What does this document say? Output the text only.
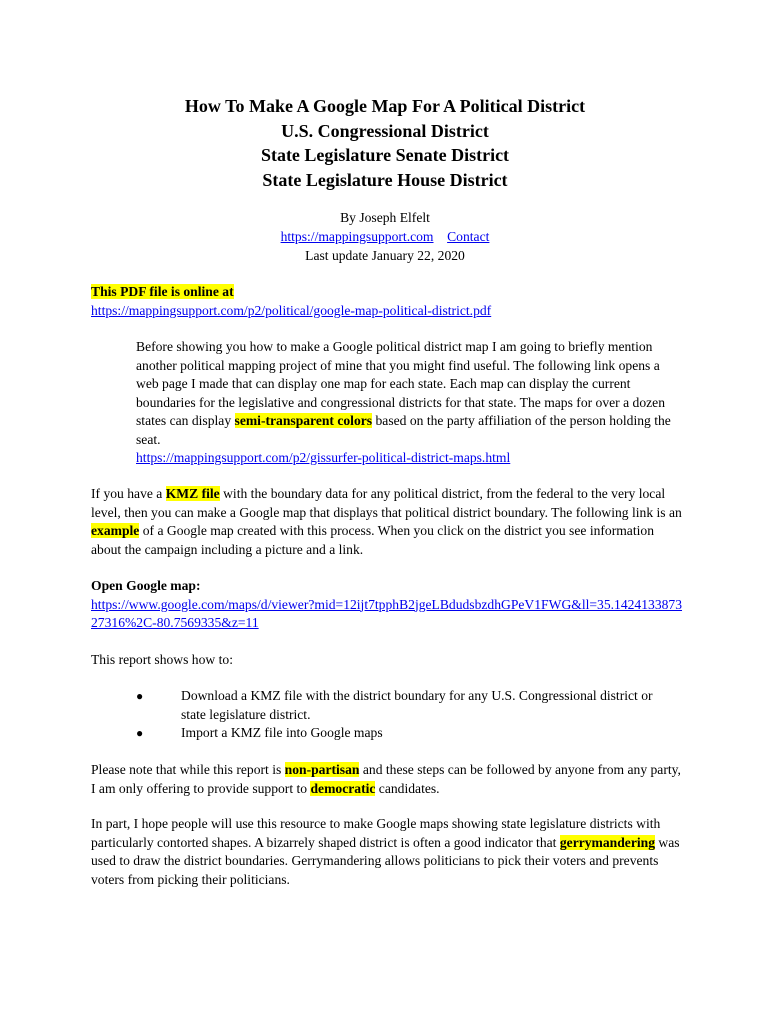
How To Make A Google Map For A Political District
U.S. Congressional District
State Legislature Senate District
State Legislature House District
By Joseph Elfelt
https://mappingsupport.com Contact
Last update January 22, 2020
This PDF file is online at
https://mappingsupport.com/p2/political/google-map-political-district.pdf
Before showing you how to make a Google political district map I am going to briefly mention another political mapping project of mine that you might find useful. The following link opens a web page I made that can display one map for each state. Each map can display the current boundaries for the legislative and congressional districts for that state. The maps for over a dozen states can display semi-transparent colors based on the party affiliation of the person holding the seat.
https://mappingsupport.com/p2/gissurfer-political-district-maps.html
If you have a KMZ file with the boundary data for any political district, from the federal to the very local level, then you can make a Google map that displays that political district boundary. The following link is an example of a Google map created with this process. When you click on the district you see information about the campaign including a picture and a link.
Open Google map:
https://www.google.com/maps/d/viewer?mid=12ijt7tpphB2jgeLBdudsbzdhGPeV1FWG&ll=35.142413387327316%2C-80.7569335&z=11
This report shows how to:
●	Download a KMZ file with the district boundary for any U.S. Congressional district or state legislature district.
●	Import a KMZ file into Google maps
Please note that while this report is non-partisan and these steps can be followed by anyone from any party, I am only offering to provide support to democratic candidates.
In part, I hope people will use this resource to make Google maps showing state legislature districts with particularly contorted shapes. A bizarrely shaped district is often a good indicator that gerrymandering was used to draw the district boundaries. Gerrymandering allows politicians to pick their voters and prevents voters from picking their politicians.
